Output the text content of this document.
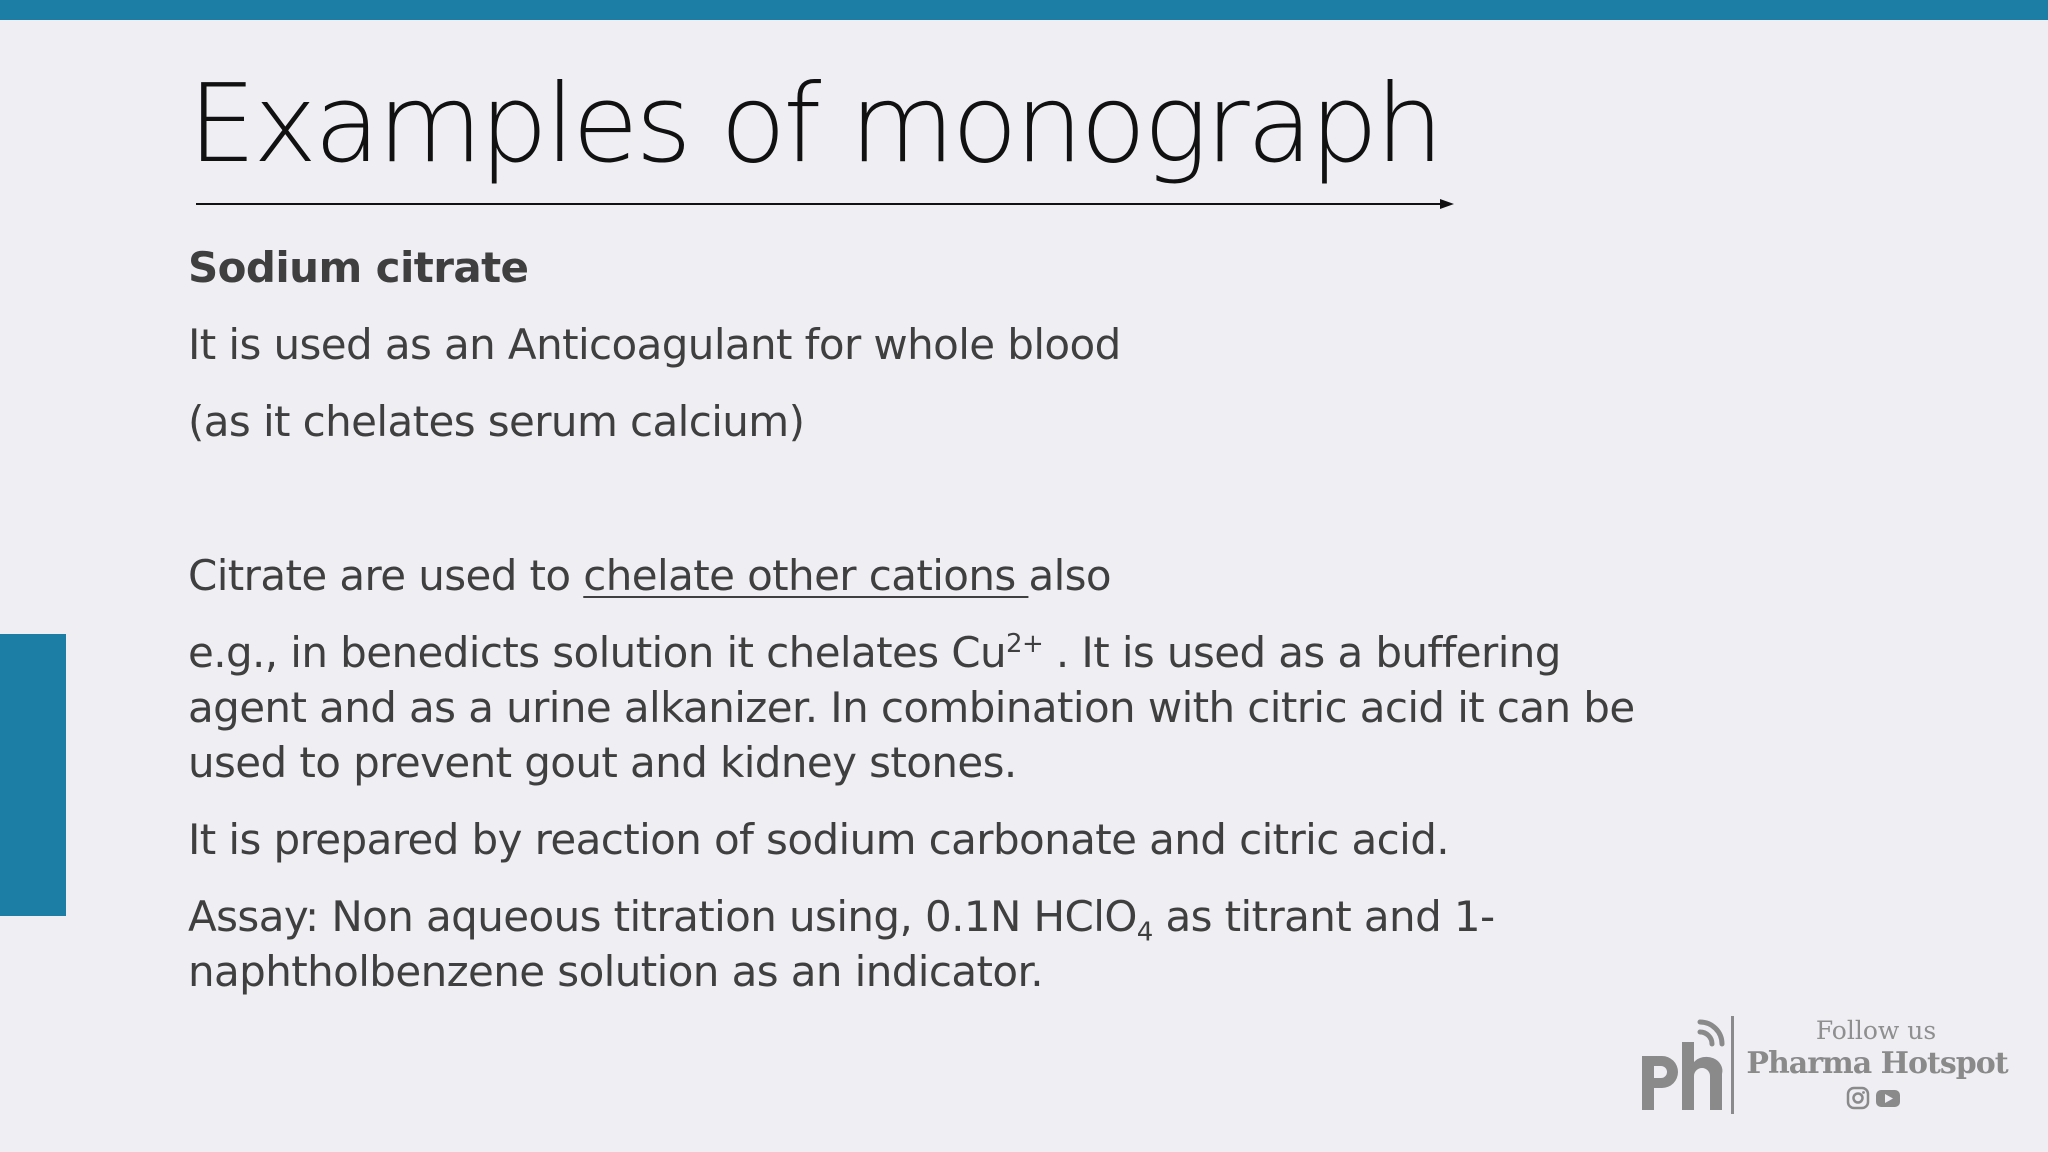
Examples of monograph

Sodium citrate

It is used as an Anticoagulant for whole blood

(as it chelates serum calcium)

Citrate are used to chelate other cations also

e.g., in benedicts solution it chelates $Cu^{2+}$ . It is used as a buffering agent and as a urine alkanizer. In combination with citric acid it can be used to prevent gout and kidney stones.

It is prepared by reaction of sodium carbonate and citric acid.

Assay: Non aqueous titration using, 0.1N HClO$_4$ as titrant and 1-naphtholbenzene solution as an indicator.

Follow us
Pharma Hotspot
